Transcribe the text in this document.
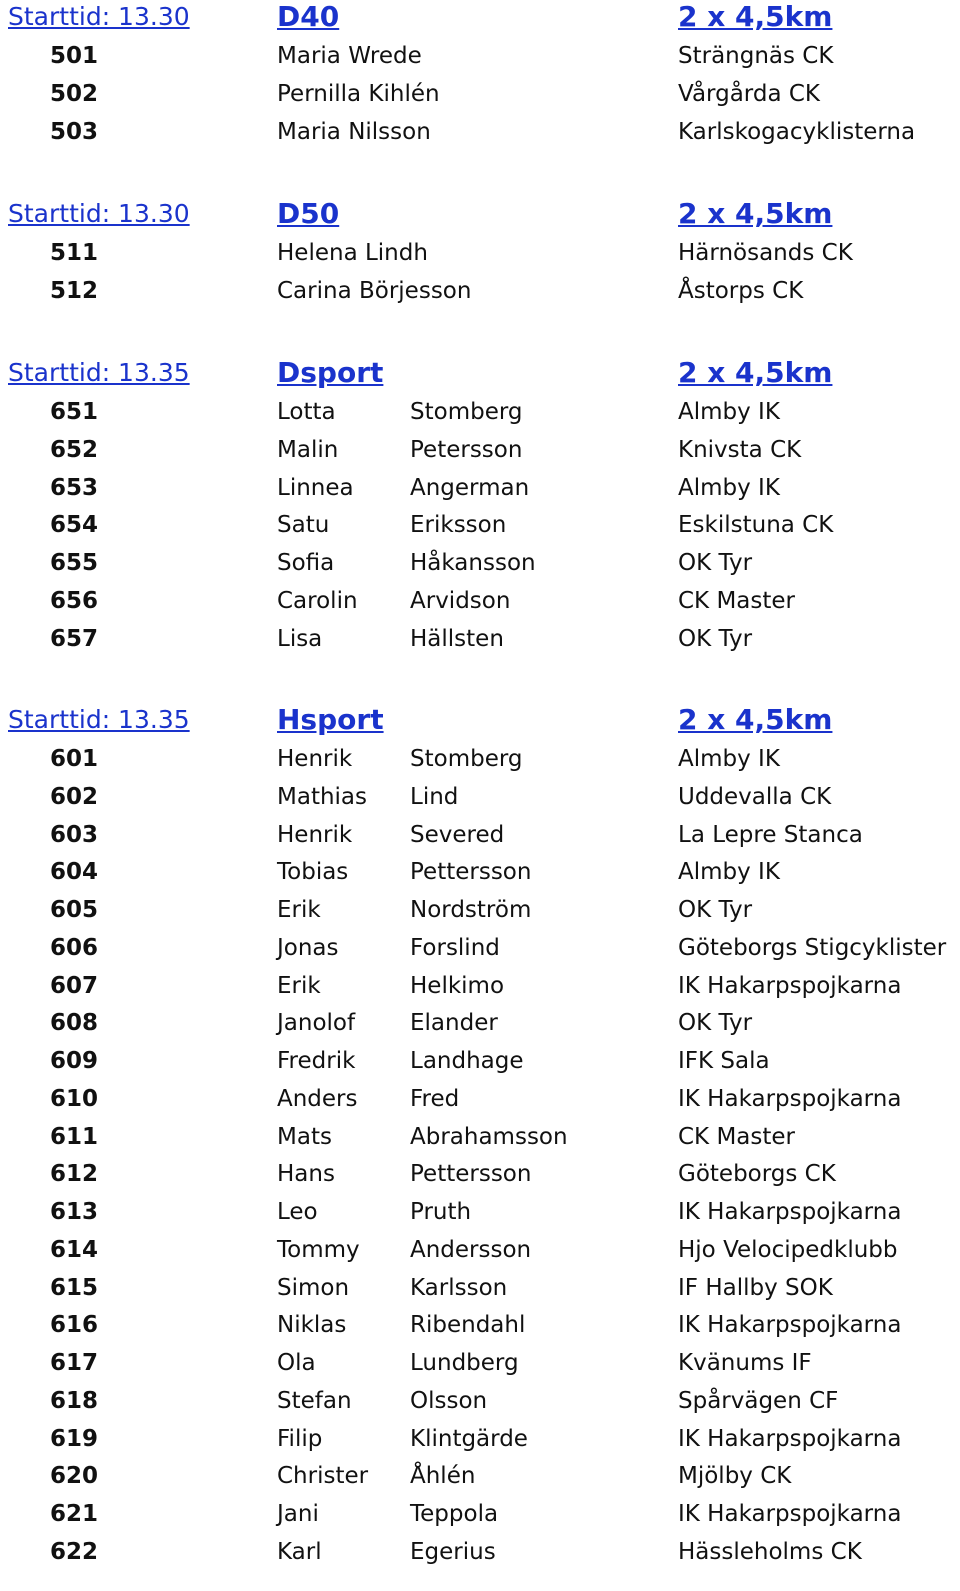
Starttid: 13.30	D40	2 x 4,5km
501	Maria Wrede	Strängnäs CK
502	Pernilla Kihlén	Vårgårda CK
503	Maria Nilsson	Karlskogacyklisterna
Starttid: 13.30	D50	2 x 4,5km
511	Helena Lindh	Härnösands CK
512	Carina Börjesson	Åstorps CK
Starttid: 13.35	Dsport	2 x 4,5km
651	Lotta	Stomberg	Almby IK
652	Malin	Petersson	Knivsta CK
653	Linnea Angerman	Almby IK
654	Satu	Eriksson	Eskilstuna CK
655	Sofia	Håkansson	OK Tyr
656	Carolin Arvidson	CK Master
657	Lisa	Hällsten	OK Tyr
Starttid: 13.35	Hsport	2 x 4,5km
601	Henrik	Stomberg	Almby IK
602	Mathias Lind	Uddevalla CK
603	Henrik	Severed	La Lepre Stanca
604	Tobias	Pettersson	Almby IK
605	Erik	Nordström	OK Tyr
606	Jonas	Forslind	Göteborgs Stigcyklister
607	Erik	Helkimo	IK Hakarpspojkarna
608	Janolof Elander	OK Tyr
609	Fredrik Landhage	IFK Sala
610	Anders Fred	IK Hakarpspojkarna
611	Mats	Abrahamsson	CK Master
612	Hans	Pettersson	Göteborgs CK
613	Leo	Pruth	IK Hakarpspojkarna
614	Tommy Andersson	Hjo Velocipedklubb
615	Simon	Karlsson	IF Hallby SOK
616	Niklas	Ribendahl	IK Hakarpspojkarna
617	Ola	Lundberg	Kvänums IF
618	Stefan	Olsson	Spårvägen CF
619	Filip	Klintgärde	IK Hakarpspojkarna
620	Christer Åhlén	Mjölby CK
621	Jani	Teppola	IK Hakarpspojkarna
622	Karl	Egerius	Hässleholms CK
